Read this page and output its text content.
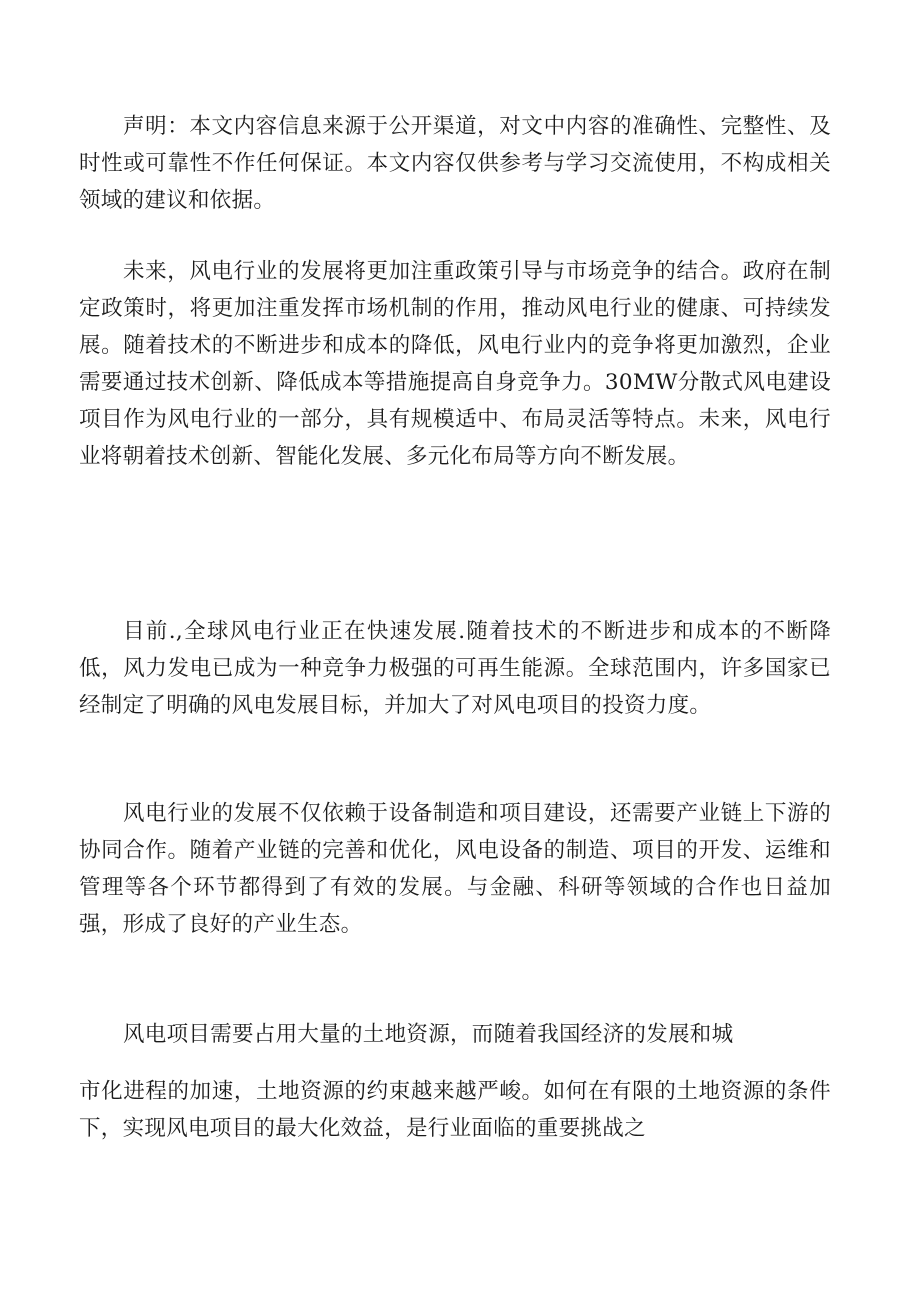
声明：本文内容信息来源于公开渠道，对文中内容的准确性、完整性、及时性或可靠性不作任何保证。本文内容仅供参考与学习交流使用，不构成相关领域的建议和依据。

未来，风电行业的发展将更加注重政策引导与市场竞争的结合。政府在制定政策时，将更加注重发挥市场机制的作用，推动风电行业的健康、可持续发展。随着技术的不断进步和成本的降低，风电行业内的竞争将更加激烈，企业需要通过技术创新、降低成本等措施提高自身竞争力。30MW分散式风电建设项目作为风电行业的一部分，具有规模适中、布局灵活等特点。未来，风电行业将朝着技术创新、智能化发展、多元化布局等方向不断发展。

目前.,全球风电行业正在快速发展.随着技术的不断进步和成本的不断降低，风力发电已成为一种竞争力极强的可再生能源。全球范围内，许多国家已经制定了明确的风电发展目标，并加大了对风电项目的投资力度。

风电行业的发展不仅依赖于设备制造和项目建设，还需要产业链上下游的协同合作。随着产业链的完善和优化，风电设备的制造、项目的开发、运维和管理等各个环节都得到了有效的发展。与金融、科研等领域的合作也日益加强，形成了良好的产业生态。

风电项目需要占用大量的土地资源，而随着我国经济的发展和城

市化进程的加速，土地资源的约束越来越严峻。如何在有限的土地资源的条件下，实现风电项目的最大化效益，是行业面临的重要挑战之
